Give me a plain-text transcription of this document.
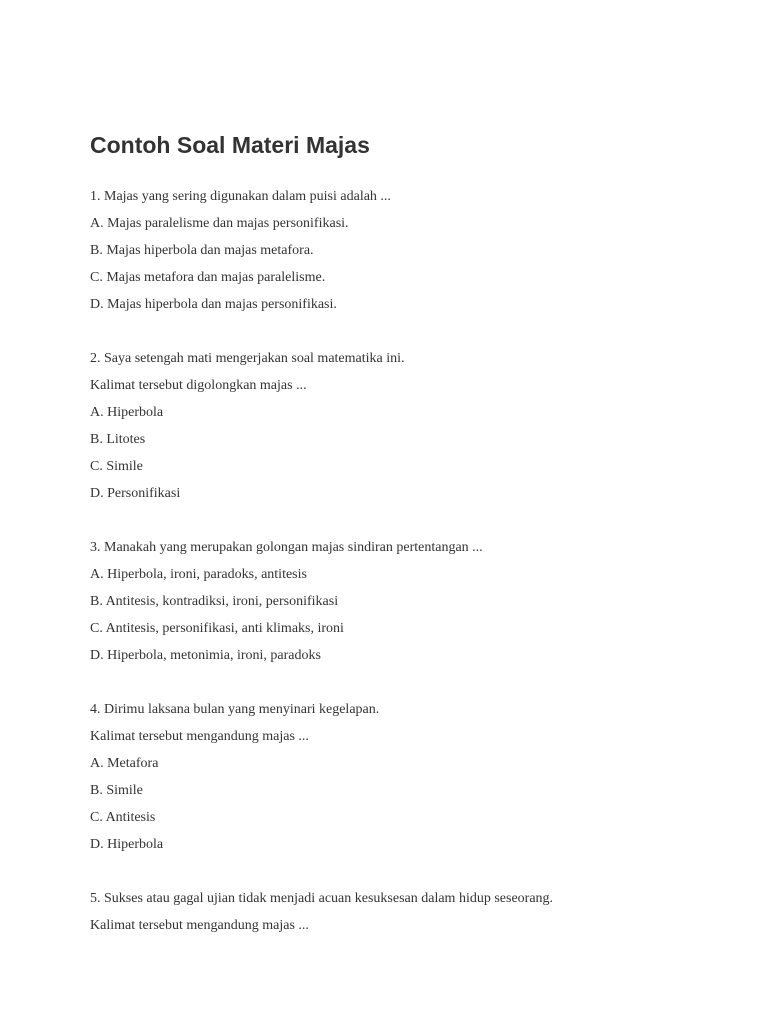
Contoh Soal Materi Majas

1. Majas yang sering digunakan dalam puisi adalah ...

A. Majas paralelisme dan majas personifikasi.

B. Majas hiperbola dan majas metafora.

C. Majas metafora dan majas paralelisme.

D. Majas hiperbola dan majas personifikasi.

2. Saya setengah mati mengerjakan soal matematika ini.

Kalimat tersebut digolongkan majas ...

A. Hiperbola

B. Litotes

C. Simile

D. Personifikasi

3. Manakah yang merupakan golongan majas sindiran pertentangan ...

A. Hiperbola, ironi, paradoks, antitesis

B. Antitesis, kontradiksi, ironi, personifikasi

C. Antitesis, personifikasi, anti klimaks, ironi

D. Hiperbola, metonimia, ironi, paradoks

4. Dirimu laksana bulan yang menyinari kegelapan.

Kalimat tersebut mengandung majas ...

A. Metafora

B. Simile

C. Antitesis

D. Hiperbola

5. Sukses atau gagal ujian tidak menjadi acuan kesuksesan dalam hidup seseorang.

Kalimat tersebut mengandung majas ...
